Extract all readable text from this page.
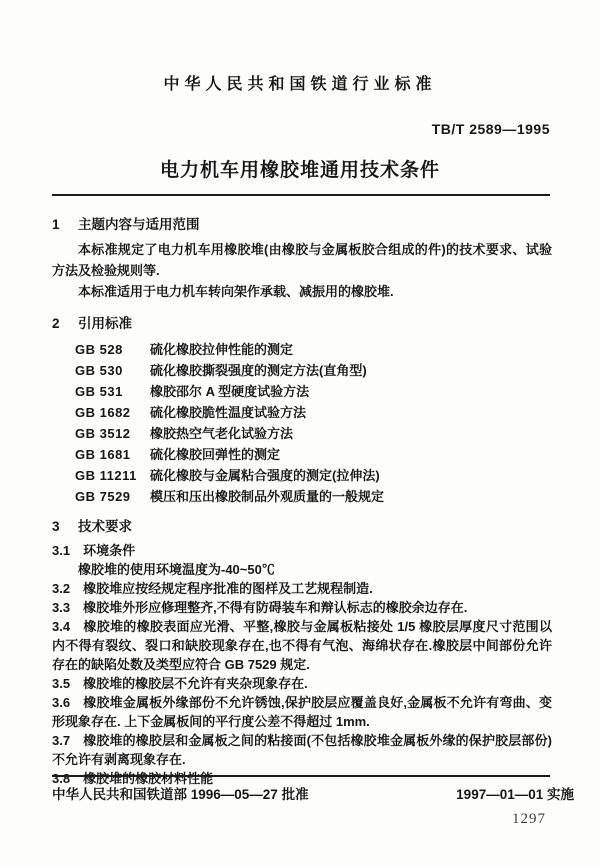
中华人民共和国铁道行业标准
TB/T 2589—1995
电力机车用橡胶堆通用技术条件
1	主题内容与适用范围

本标准规定了电力机车用橡胶堆(由橡胶与金属板胶合组成的件)的技术要求、试验方法及检验规则等.

本标准适用于电力机车转向架作承载、减振用的橡胶堆.

2	引用标准
GB 528	硫化橡胶拉伸性能的测定
GB 530	硫化橡胶撕裂强度的测定方法(直角型)
GB 531	橡胶邵尔 A 型硬度试验方法
GB 1682	硫化橡胶脆性温度试验方法
GB 3512	橡胶热空气老化试验方法
GB 1681	硫化橡胶回弹性的测定
GB 11211	硫化橡胶与金属粘合强度的测定(拉伸法)
GB 7529	模压和压出橡胶制品外观质量的一般规定
3	技术要求

3.1 环境条件

橡胶堆的使用环境温度为-40~50℃

3.2 橡胶堆应按经规定程序批准的图样及工艺规程制造.

3.3 橡胶堆外形应修理整齐,不得有防碍装车和辩认标志的橡胶余边存在.

3.4 橡胶堆的橡胶表面应光滑、平整,橡胶与金属板粘接处 1/5 橡胶层厚度尺寸范围以内不得有裂纹、裂口和缺胶现象存在,也不得有气泡、海绵状存在.橡胶层中间部份允许存在的缺陷处数及类型应符合 GB 7529 规定.

3.5 橡胶堆的橡胶层不允许有夹杂现象存在.

3.6 橡胶堆金属板外缘部份不允许锈蚀,保护胶层应覆盖良好,金属板不允许有弯曲、变形现象存在. 上下金属板间的平行度公差不得超过 1mm.

3.7 橡胶堆的橡胶层和金属板之间的粘接面(不包括橡胶堆金属板外缘的保护胶层部份)不允许有剥离现象存在.

3.8 橡胶堆的橡胶材料性能

中华人民共和国铁道部 1996—05—27 批准	1997—01—01 实施
1297
